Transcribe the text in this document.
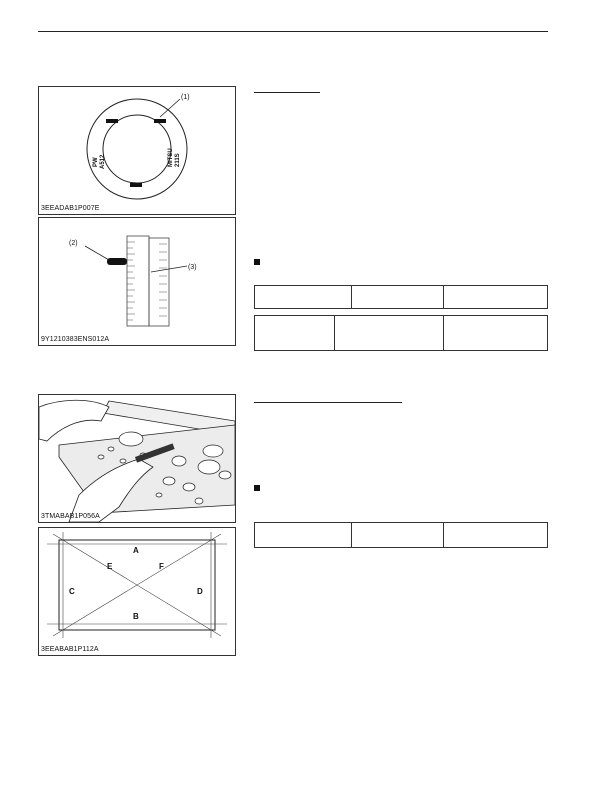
(1)
PW A512	MITSU 211S
3EEADAB1P007E
(2)
(3)
9Y1210383ENS012A
3TMABAB1P056A
A
B
C	D
E	F
3EEABAB1P112A
